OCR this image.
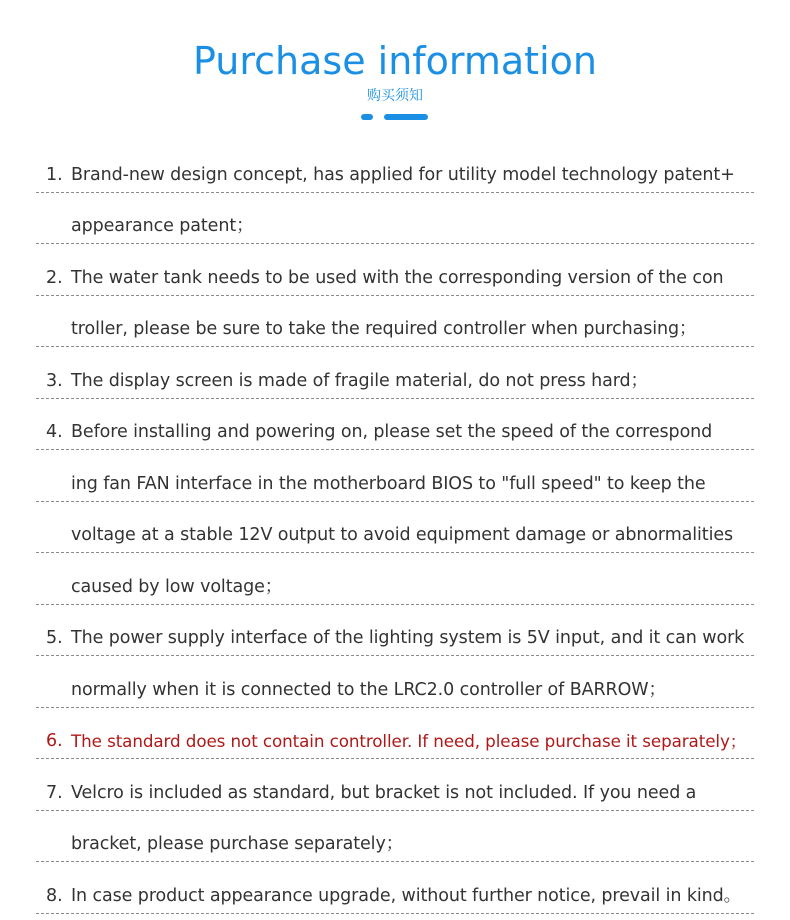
Purchase information
购买须知
1. Brand-new design concept, has applied for utility model technology patent+
appearance patent；
2. The water tank needs to be used with the corresponding version of the con
troller, please be sure to take the required controller when purchasing；
3. The display screen is made of fragile material, do not press hard；
4. Before installing and powering on, please set the speed of the correspond
ing fan FAN interface in the motherboard BIOS to "full speed" to keep the
voltage at a stable 12V output to avoid equipment damage or abnormalities
caused by low voltage；
5. The power supply interface of the lighting system is 5V input, and it can work
normally when it is connected to the LRC2.0 controller of BARROW；
6. The standard does not contain controller. If need, please purchase it separately；
7. Velcro is included as standard, but bracket is not included. If you need a
bracket, please purchase separately；
8. In case product appearance upgrade, without further notice, prevail in kind。
